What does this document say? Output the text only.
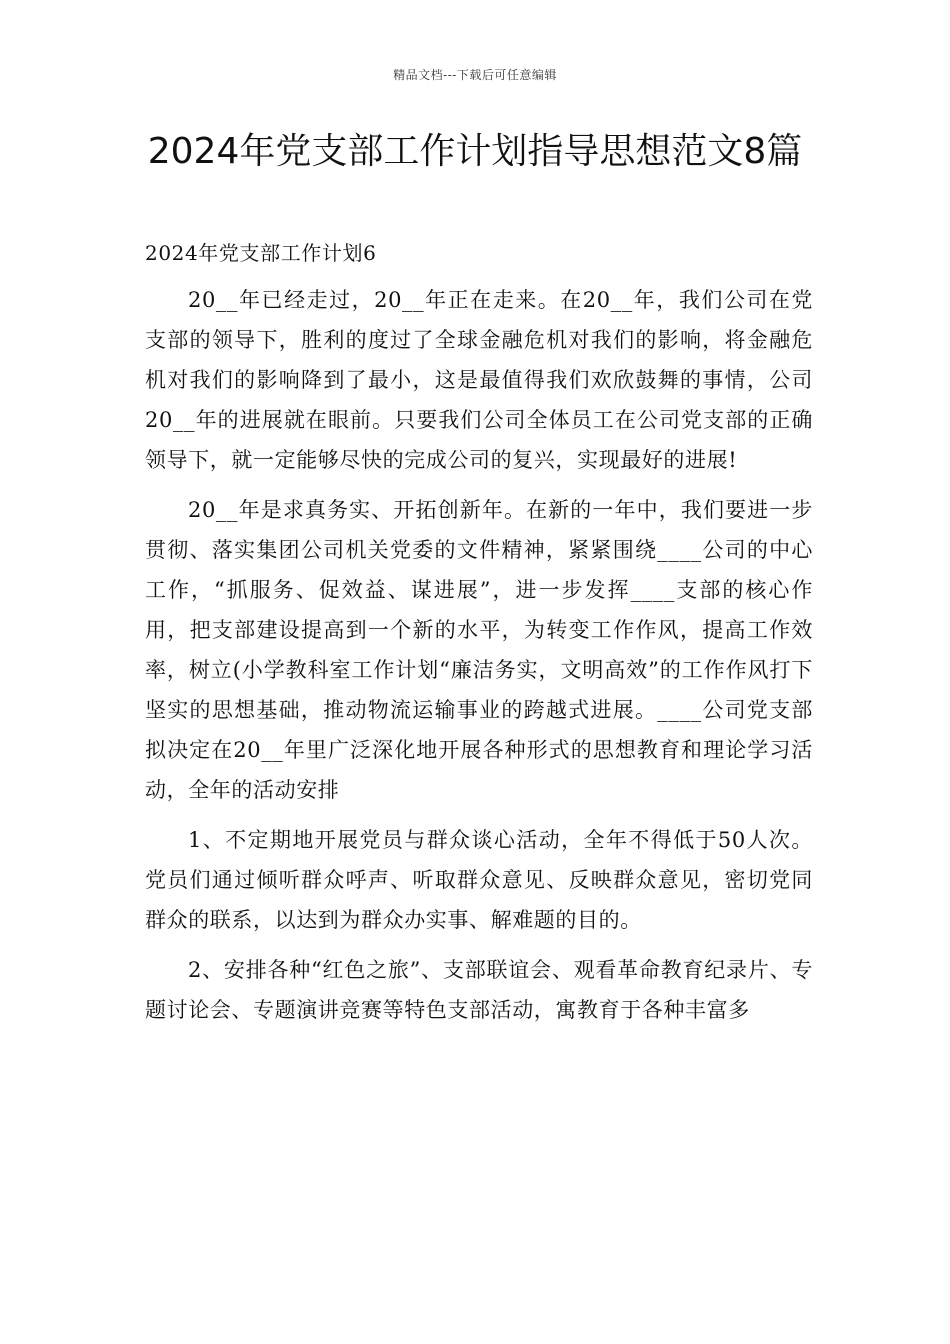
精品文档---下载后可任意编辑
2024年党支部工作计划指导思想范文8篇

2024年党支部工作计划6

20__年已经走过，20__年正在走来。在20__年，我们公司在党支部的领导下，胜利的度过了全球金融危机对我们的影响，将金融危机对我们的影响降到了最小，这是最值得我们欢欣鼓舞的事情，公司20__年的进展就在眼前。只要我们公司全体员工在公司党支部的正确领导下，就一定能够尽快的完成公司的复兴，实现最好的进展!

20__年是求真务实、开拓创新年。在新的一年中，我们要进一步贯彻、落实集团公司机关党委的文件精神，紧紧围绕____公司的中心工作，“抓服务、促效益、谋进展”，进一步发挥____支部的核心作用，把支部建设提高到一个新的水平，为转变工作作风，提高工作效率，树立(小学教科室工作计划“廉洁务实，文明高效”的工作作风打下坚实的思想基础，推动物流运输事业的跨越式进展。____公司党支部拟决定在20__年里广泛深化地开展各种形式的思想教育和理论学习活动，全年的活动安排

1、不定期地开展党员与群众谈心活动，全年不得低于50人次。党员们通过倾听群众呼声、听取群众意见、反映群众意见，密切党同群众的联系，以达到为群众办实事、解难题的目的。

2、安排各种“红色之旅”、支部联谊会、观看革命教育纪录片、专题讨论会、专题演讲竞赛等特色支部活动，寓教育于各种丰富多
